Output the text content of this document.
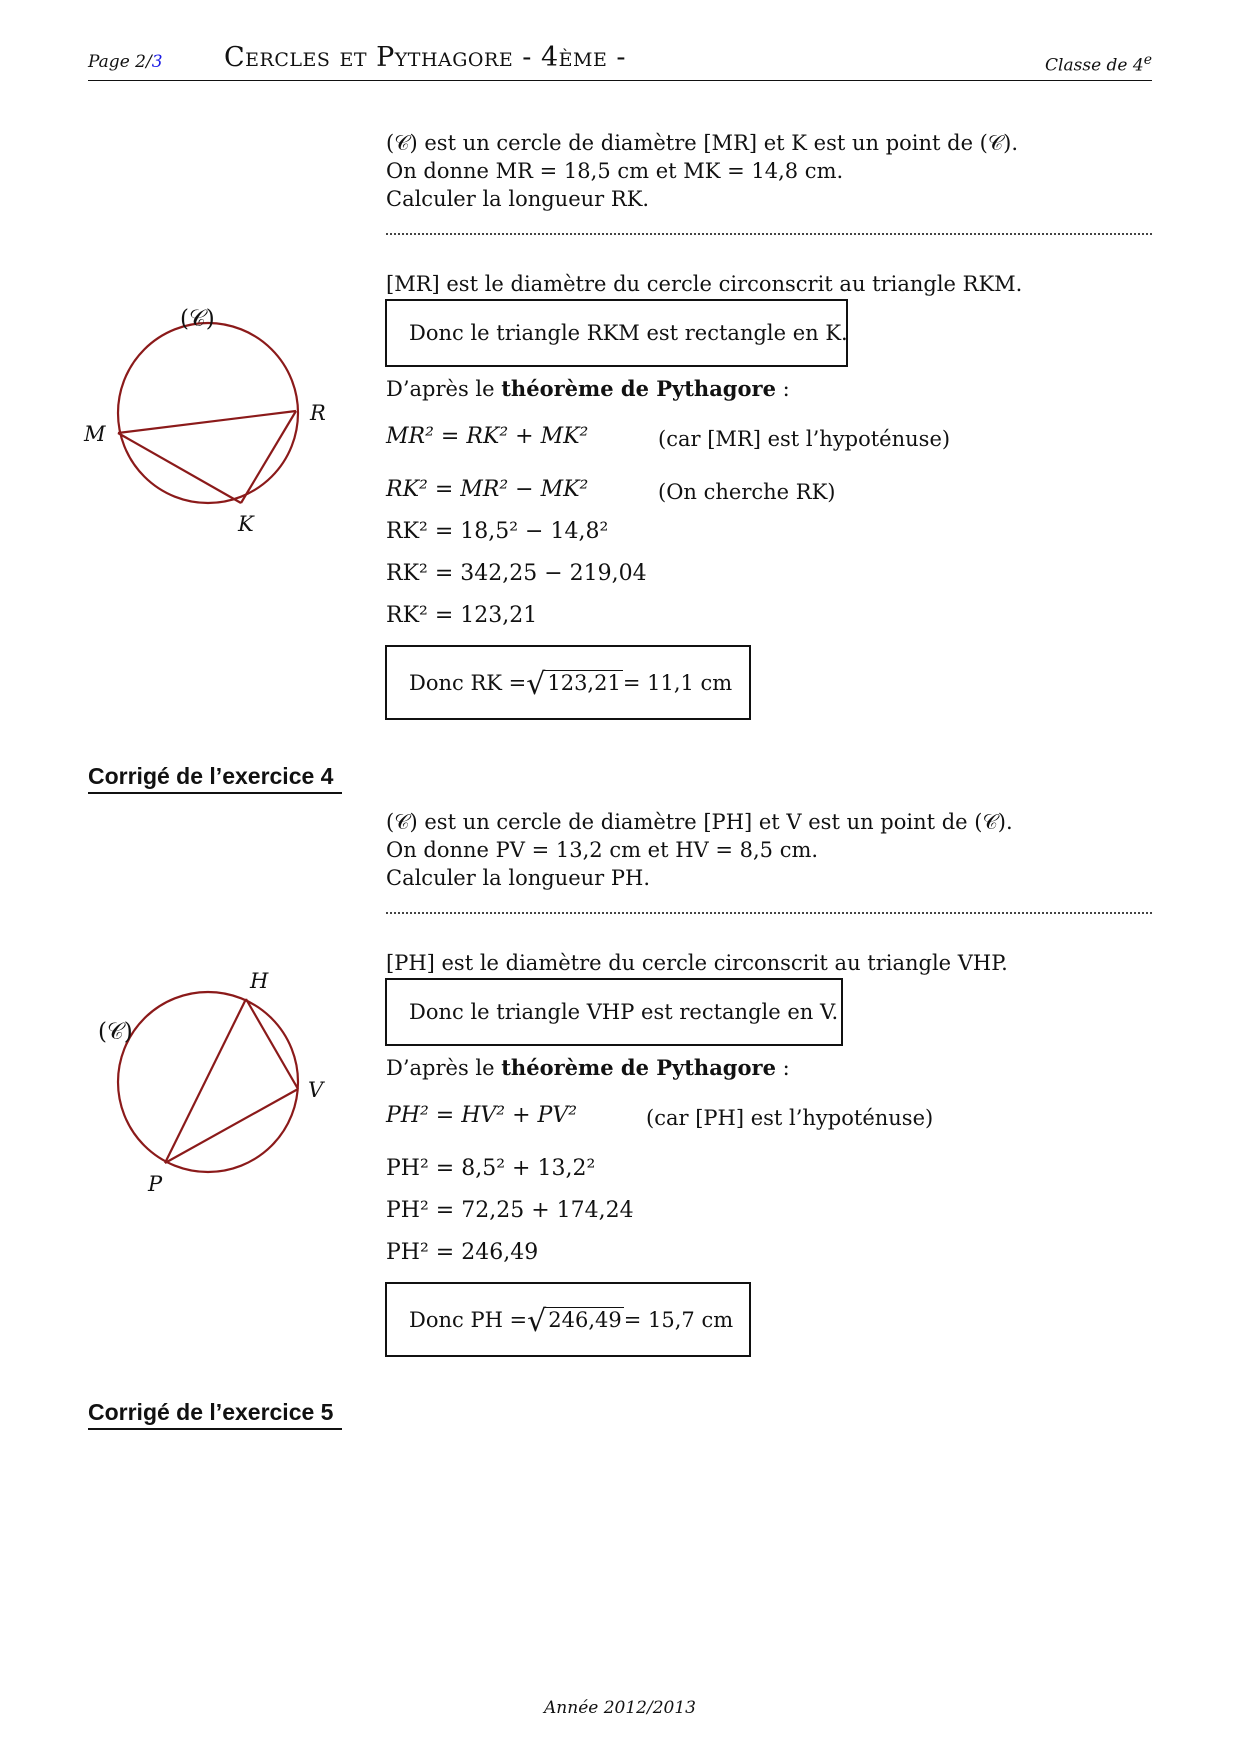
Page 2/3 Cercles et Pythagore - 4ème -	Classe de 4e
(𝒞) est un cercle de diamètre [MR] et K est un point de (𝒞).
On donne MR = 18,5 cm et MK = 14,8 cm.
Calculer la longueur RK.
(𝒞)
M
R
K
[MR] est le diamètre du cercle circonscrit au triangle RKM.
Donc le triangle RKM est rectangle en K.
D’après le théorème de Pythagore :
MR² = RK² + MK²	(car [MR] est l’hypoténuse)
RK² = MR² − MK²	(On cherche RK)
RK² = 18,5² − 14,8²
RK² = 342,25 − 219,04
RK² = 123,21
Donc RK = √123,21 = 11,1 cm
Corrigé de l’exercice 4
(𝒞) est un cercle de diamètre [PH] et V est un point de (𝒞).
On donne PV = 13,2 cm et HV = 8,5 cm.
Calculer la longueur PH.
(𝒞)
H
V
P
[PH] est le diamètre du cercle circonscrit au triangle VHP.
Donc le triangle VHP est rectangle en V.
D’après le théorème de Pythagore :
PH² = HV² + PV²	(car [PH] est l’hypoténuse)
PH² = 8,5² + 13,2²
PH² = 72,25 + 174,24
PH² = 246,49
Donc PH = √246,49 = 15,7 cm
Corrigé de l’exercice 5
Année 2012/2013
